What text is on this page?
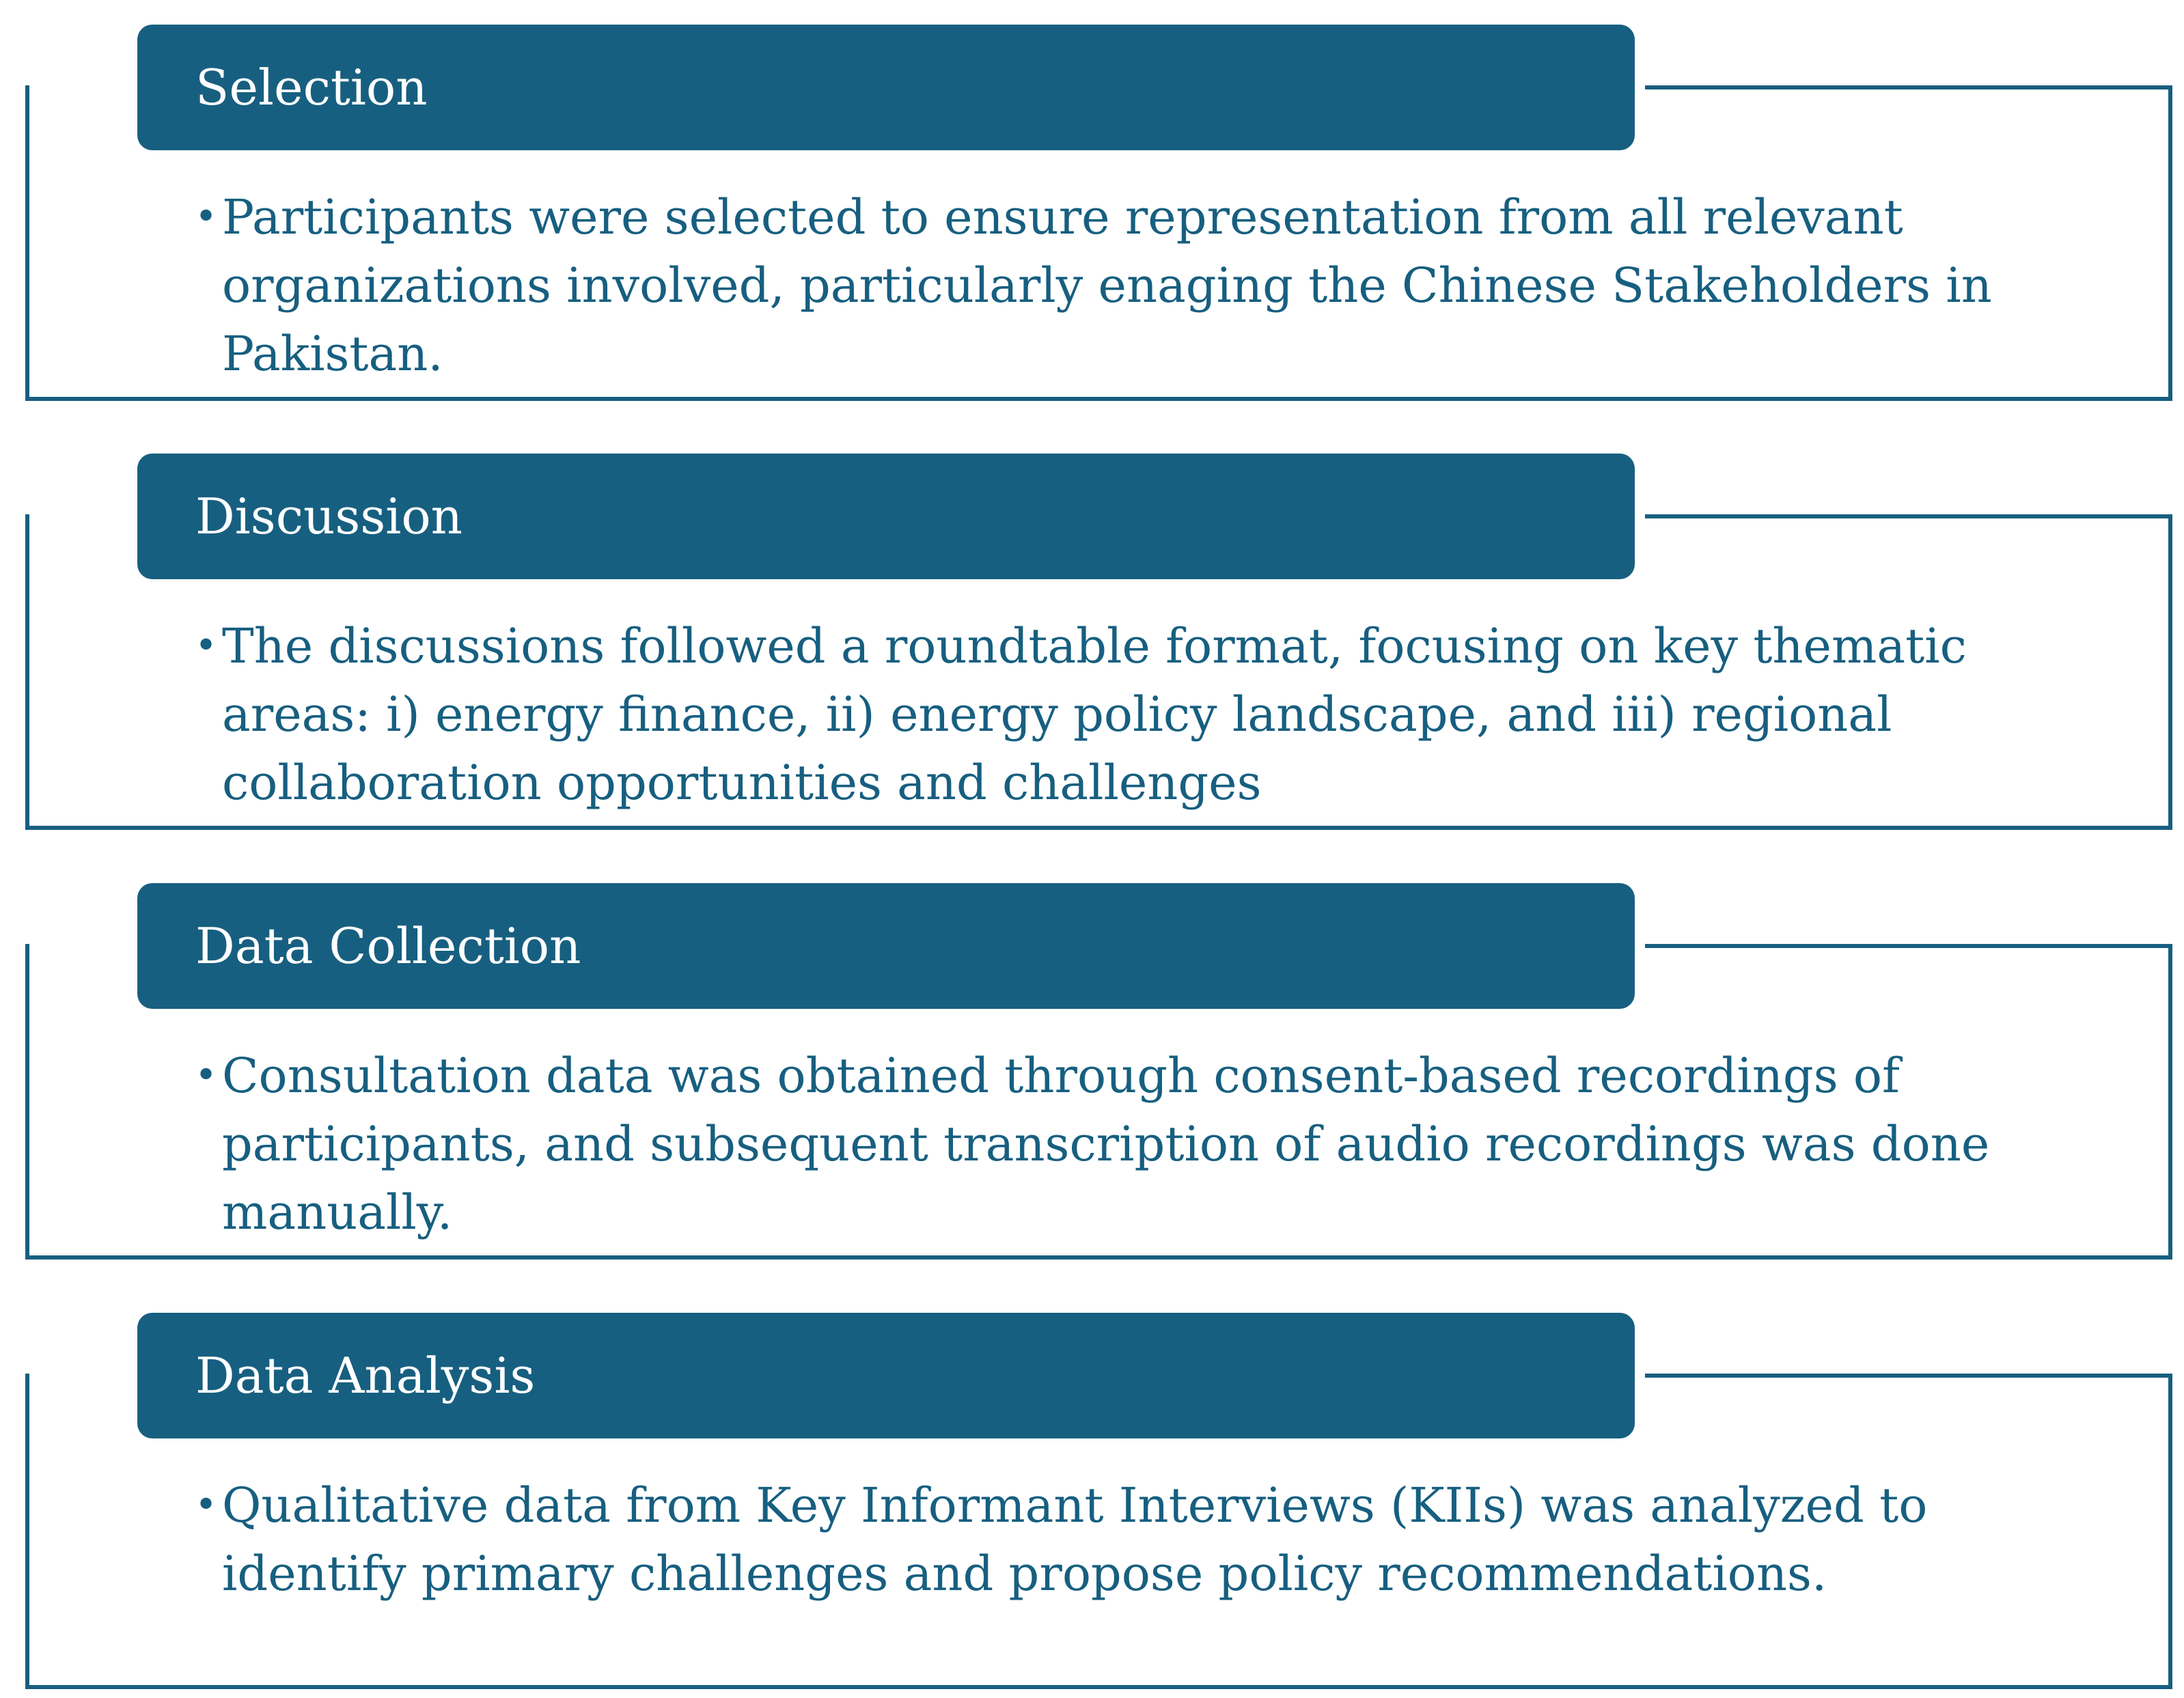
Selection
• Participants were selected to ensure representation from all relevant organizations involved, particularly enaging the Chinese Stakeholders in Pakistan.
Discussion
• The discussions followed a roundtable format, focusing on key thematic areas: i) energy finance, ii) energy policy landscape, and iii) regional collaboration opportunities and challenges
Data Collection
• Consultation data was obtained through consent-based recordings of participants, and subsequent transcription of audio recordings was done manually.
Data Analysis
• Qualitative data from Key Informant Interviews (KIIs) was analyzed to identify primary challenges and propose policy recommendations.
